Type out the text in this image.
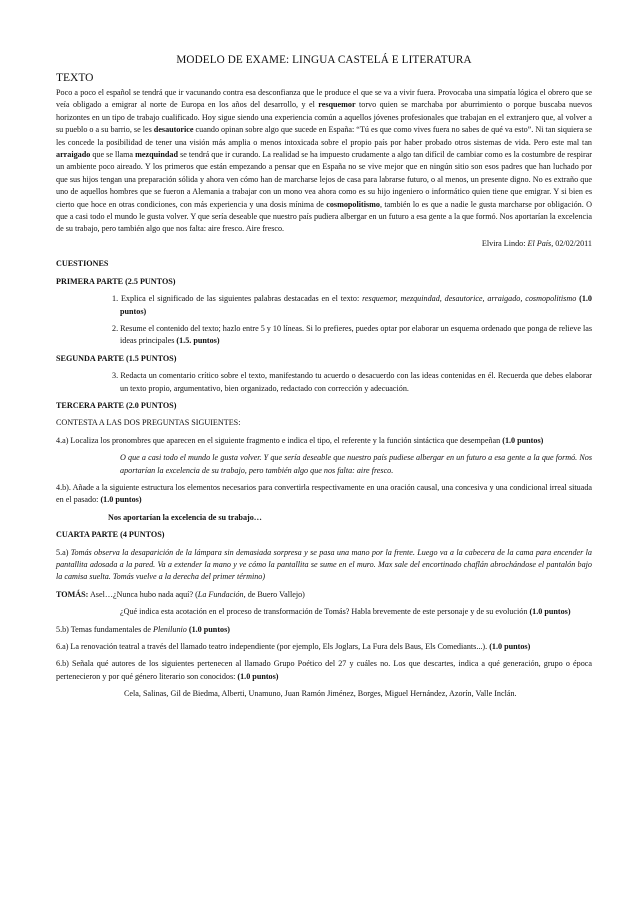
MODELO DE EXAME: LINGUA CASTELÁ E LITERATURA
TEXTO

Poco a poco el español se tendrá que ir vacunando contra esa desconfianza que le produce el que se va a vivir fuera. Provocaba una simpatía lógica el obrero que se veía obligado a emigrar al norte de Europa en los años del desarrollo, y el resquemor torvo quien se marchaba por aburrimiento o porque buscaba nuevos horizontes en un tipo de trabajo cualificado. Hoy sigue siendo una experiencia común a aquellos jóvenes profesionales que trabajan en el extranjero que, al volver a su pueblo o a su barrio, se les desautorice cuando opinan sobre algo que sucede en España: “Tú es que como vives fuera no sabes de qué va esto”. Ni tan siquiera se les concede la posibilidad de tener una visión más amplia o menos intoxicada sobre el propio país por haber probado otros sistemas de vida. Pero este mal tan arraigado que se llama mezquindad se tendrá que ir curando. La realidad se ha impuesto crudamente a algo tan difícil de cambiar como es la costumbre de respirar un ambiente poco aireado. Y los primeros que están empezando a pensar que en España no se vive mejor que en ningún sitio son esos padres que han luchado por que sus hijos tengan una preparación sólida y ahora ven cómo han de marcharse lejos de casa para labrarse futuro, o al menos, un presente digno. No es extraño que uno de aquellos hombres que se fueron a Alemania a trabajar con un mono vea ahora como es su hijo ingeniero o informático quien tiene que emigrar. Y si bien es cierto que hoce en otras condiciones, con más experiencia y una dosis mínima de cosmopolitismo, también lo es que a nadie le gusta marcharse por obligación. O que a casi todo el mundo le gusta volver. Y que sería deseable que nuestro país pudiera albergar en un futuro a esa gente a la que formó. Nos aportarían la excelencia de su trabajo, pero también algo que nos falta: aire fresco. Aire fresco.

Elvira Lindo: El País, 02/02/2011
CUESTIONES
PRIMERA PARTE (2.5 PUNTOS)
1. Explica el significado de las siguientes palabras destacadas en el texto: resquemor, mezquindad, desautorice, arraigado, cosmopolitismo (1.0 puntos)
2. Resume el contenido del texto; hazlo entre 5 y 10 líneas. Si lo prefieres, puedes optar por elaborar un esquema ordenado que ponga de relieve las ideas principales (1.5. puntos)
SEGUNDA PARTE (1.5 PUNTOS)
3. Redacta un comentario crítico sobre el texto, manifestando tu acuerdo o desacuerdo con las ideas contenidas en él. Recuerda que debes elaborar un texto propio, argumentativo, bien organizado, redactado con corrección y adecuación.
TERCERA PARTE (2.0 PUNTOS)
CONTESTA A LAS DOS PREGUNTAS SIGUIENTES:
4.a) Localiza los pronombres que aparecen en el siguiente fragmento e indica el tipo, el referente y la función sintáctica que desempeñan (1.0 puntos)
O que a casi todo el mundo le gusta volver. Y que sería deseable que nuestro país pudiese albergar en un futuro a esa gente a la que formó. Nos aportarían la excelencia de su trabajo, pero también algo que nos falta: aire fresco.
4.b). Añade a la siguiente estructura los elementos necesarios para convertirla respectivamente en una oración causal, una concesiva y una condicional irreal situada en el pasado: (1.0 puntos)
Nos aportarían la excelencia de su trabajo…
CUARTA PARTE (4 PUNTOS)
5.a) Tomás observa la desaparición de la lámpara sin demasiada sorpresa y se pasa una mano por la frente. Luego va a la cabecera de la cama para encender la pantallita adosada a la pared. Va a extender la mano y ve cómo la pantallita se sume en el muro. Max sale del encortinado chaflán abrochándose el pantalón bajo la camisa suelta. Tomás vuelve a la derecha del primer término)
TOMÁS: Asel…¿Nunca hubo nada aquí? (La Fundación, de Buero Vallejo)
¿Qué indica esta acotación en el proceso de transformación de Tomás? Habla brevemente de este personaje y de su evolución (1.0 puntos)
5.b) Temas fundamentales de Plenilunio (1.0 puntos)
6.a) La renovación teatral a través del llamado teatro independiente (por ejemplo, Els Joglars, La Fura dels Baus, Els Comediants...). (1.0 puntos)
6.b) Señala qué autores de los siguientes pertenecen al llamado Grupo Poético del 27 y cuáles no. Los que descartes, indica a qué generación, grupo o época pertenecieron y por qué género literario son conocidos: (1.0 puntos)
Cela, Salinas, Gil de Biedma, Alberti, Unamuno, Juan Ramón Jiménez, Borges, Miguel Hernández, Azorín, Valle Inclán.
